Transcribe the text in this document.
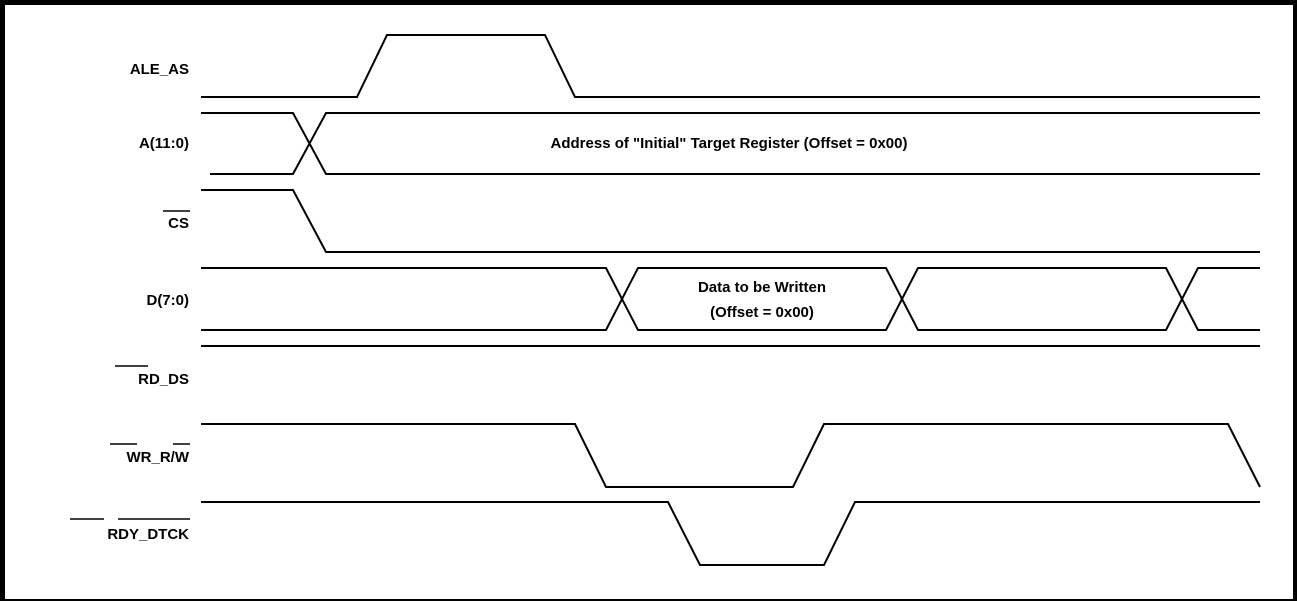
ALE_AS
A(11:0)	Address of "Initial" Target Register (Offset = 0x00)
CS
D(7:0)
Data to be Written
(Offset = 0x00)
RD_DS
WR_R/W
RDY_DTCK
